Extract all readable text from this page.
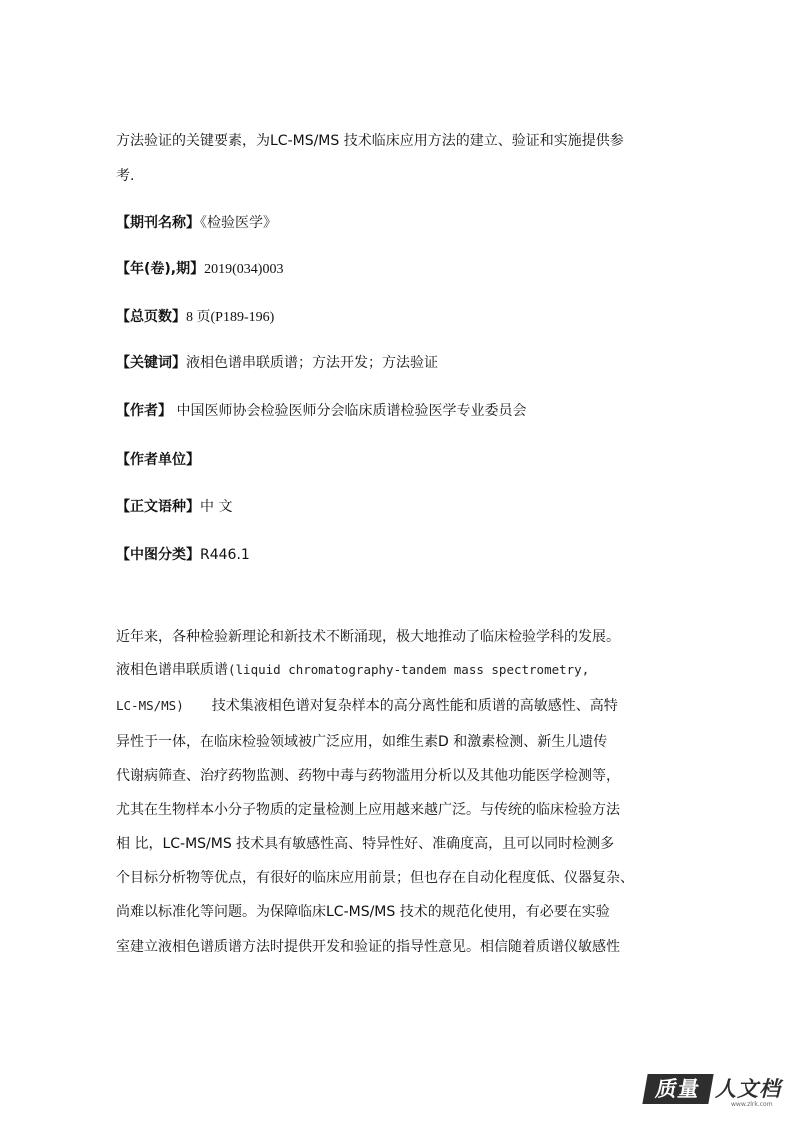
方法验证的关键要素，为LC-MS/MS 技术临床应用方法的建立、验证和实施提供参
考.
【期刊名称】《检验医学》
【年(卷),期】2019(034)003
【总页数】8 页(P189-196)
【关键词】液相色谱串联质谱；方法开发；方法验证
【作者】 中国医师协会检验医师分会临床质谱检验医学专业委员会
【作者单位】
【正文语种】中 文
【中图分类】R446.1
近年来，各种检验新理论和新技术不断涌现，极大地推动了临床检验学科的发展。
液相色谱串联质谱(liquid chromatography-tandem mass spectrometry,
LC-MS/MS) 技术集液相色谱对复杂样本的高分离性能和质谱的高敏感性、高特
异性于一体，在临床检验领域被广泛应用，如维生素D 和激素检测、新生儿遗传
代谢病筛查、治疗药物监测、药物中毒与药物滥用分析以及其他功能医学检测等，
尤其在生物样本小分子物质的定量检测上应用越来越广泛。与传统的临床检验方法
相 比，LC-MS/MS 技术具有敏感性高、特异性好、准确度高，且可以同时检测多
个目标分析物等优点，有很好的临床应用前景；但也存在自动化程度低、仪器复杂、
尚难以标准化等问题。为保障临床LC-MS/MS 技术的规范化使用，有必要在实验
室建立液相色谱质谱方法时提供开发和验证的指导性意见。相信随着质谱仪敏感性
质量 人文档
www.zlrk.com
